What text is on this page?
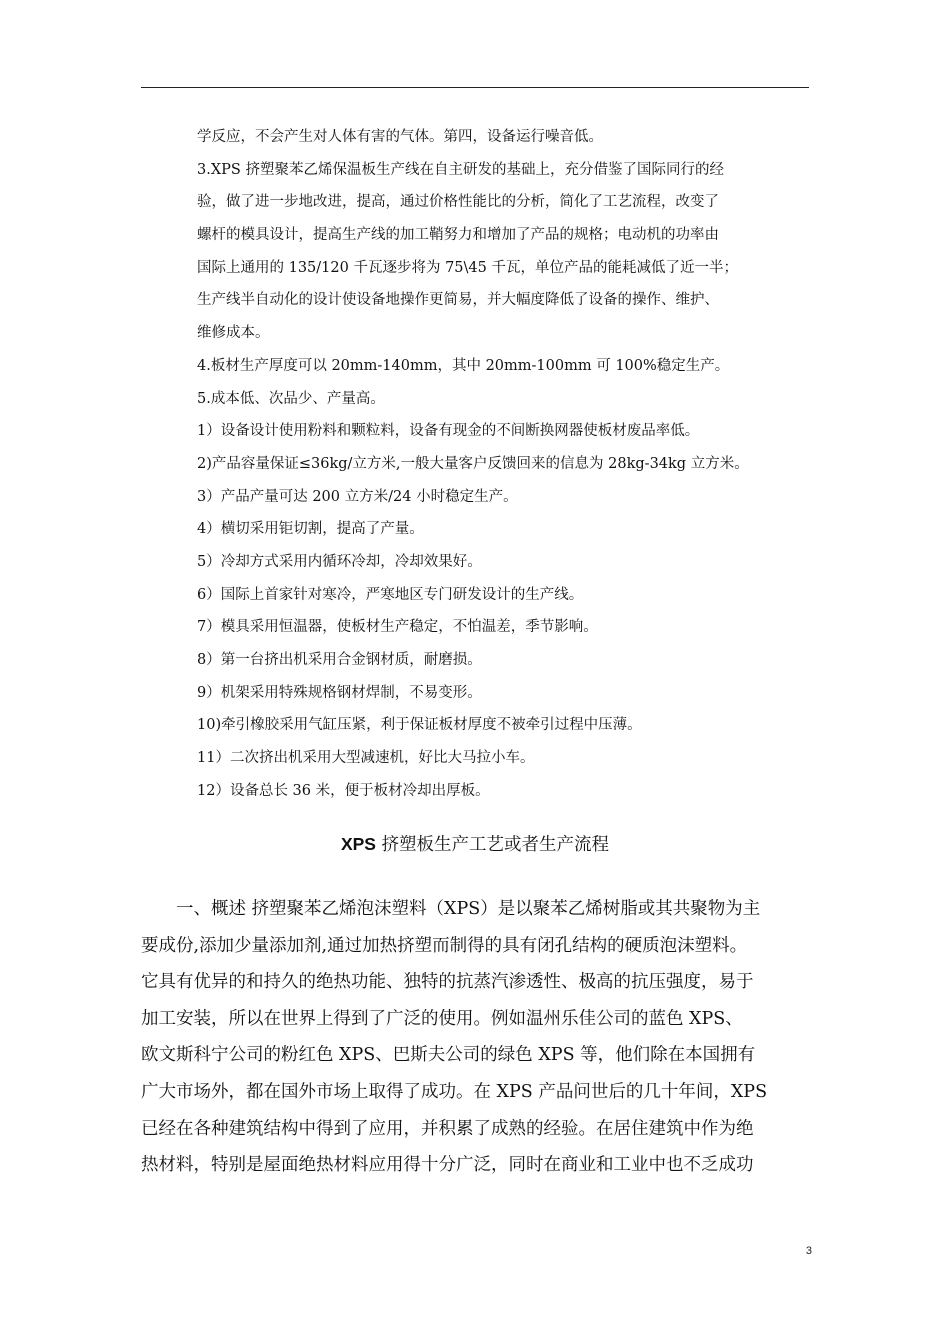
学反应，不会产生对人体有害的气体。第四，设备运行噪音低。
3.XPS 挤塑聚苯乙烯保温板生产线在自主研发的基础上，充分借鉴了国际同行的经
验，做了进一步地改进，提高，通过价格性能比的分析，简化了工艺流程，改变了
螺杆的模具设计，提高生产线的加工鞘努力和增加了产品的规格；电动机的功率由
国际上通用的 135/120 千瓦逐步将为 75\45 千瓦，单位产品的能耗减低了近一半；
生产线半自动化的设计使设备地操作更简易，并大幅度降低了设备的操作、维护、
维修成本。
4.板材生产厚度可以 20mm-140mm，其中 20mm-100mm 可 100%稳定生产。
5.成本低、次品少、产量高。
1）设备设计使用粉料和颗粒料，设备有现金的不间断换网器使板材废品率低。
2)产品容量保证≤36kg/立方米,一般大量客户反馈回来的信息为 28kg-34kg 立方米。
3）产品产量可达 200 立方米/24 小时稳定生产。
4）横切采用钜切割，提高了产量。
5）冷却方式采用内循环冷却，冷却效果好。
6）国际上首家针对寒冷，严寒地区专门研发设计的生产线。
7）模具采用恒温器，使板材生产稳定，不怕温差，季节影响。
8）第一台挤出机采用合金钢材质，耐磨损。
9）机架采用特殊规格钢材焊制，不易变形。
10)牵引橡胶采用气缸压紧，利于保证板材厚度不被牵引过程中压薄。
11）二次挤出机采用大型减速机，好比大马拉小车。
12）设备总长 36 米，便于板材冷却出厚板。
XPS 挤塑板生产工艺或者生产流程
一、概述 挤塑聚苯乙烯泡沫塑料（XPS）是以聚苯乙烯树脂或其共聚物为主
要成份,添加少量添加剂,通过加热挤塑而制得的具有闭孔结构的硬质泡沫塑料。
它具有优异的和持久的绝热功能、独特的抗蒸汽渗透性、极高的抗压强度，易于
加工安装，所以在世界上得到了广泛的使用。例如温州乐佳公司的蓝色 XPS、
欧文斯科宁公司的粉红色 XPS、巴斯夫公司的绿色 XPS 等，他们除在本国拥有
广大市场外，都在国外市场上取得了成功。在 XPS 产品问世后的几十年间，XPS
已经在各种建筑结构中得到了应用，并积累了成熟的经验。在居住建筑中作为绝
热材料，特别是屋面绝热材料应用得十分广泛，同时在商业和工业中也不乏成功
3
